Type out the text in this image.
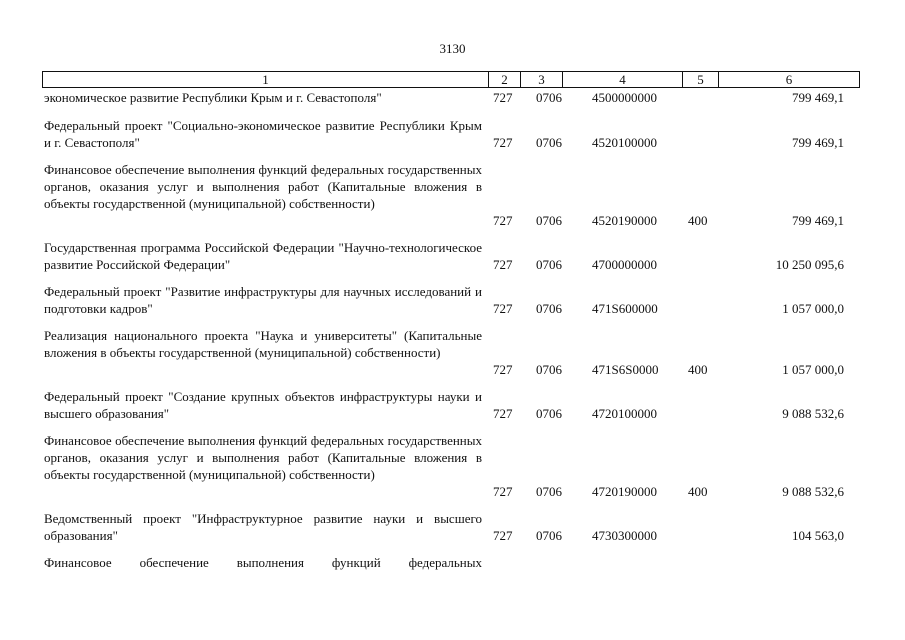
3130
1	2	3	4	5	6
экономическое развитие Республики Крым и г. Севастополя"	727 0706 4500000000	799 469,1
Федеральный проект "Социально-экономическое развитие Республики Крым и г. Севастополя"	727 0706 4520100000	799 469,1
Финансовое обеспечение выполнения функций федеральных государственных органов, оказания услуг и выполнения работ (Капитальные вложения в объекты государственной (муниципальной) собственности)
727 0706 4520190000 400	799 469,1
Государственная программа Российской Федерации "Научно-технологическое развитие Российской Федерации"	727 0706 4700000000	10 250 095,6
Федеральный проект "Развитие инфраструктуры для научных исследований и подготовки кадров"	727 0706 471S600000	1 057 000,0
Реализация национального проекта "Наука и университеты" (Капитальные вложения в объекты государственной (муниципальной) собственности)
727 0706 471S6S0000 400	1 057 000,0
Федеральный проект "Создание крупных объектов инфраструктуры науки и высшего образования"	727 0706 4720100000	9 088 532,6
Финансовое обеспечение выполнения функций федеральных государственных органов, оказания услуг и выполнения работ (Капитальные вложения в объекты государственной (муниципальной) собственности)
727 0706 4720190000 400	9 088 532,6
Ведомственный проект "Инфраструктурное развитие науки и высшего образования"	727 0706 4730300000	104 563,0
Финансовое обеспечение выполнения функций федеральных
